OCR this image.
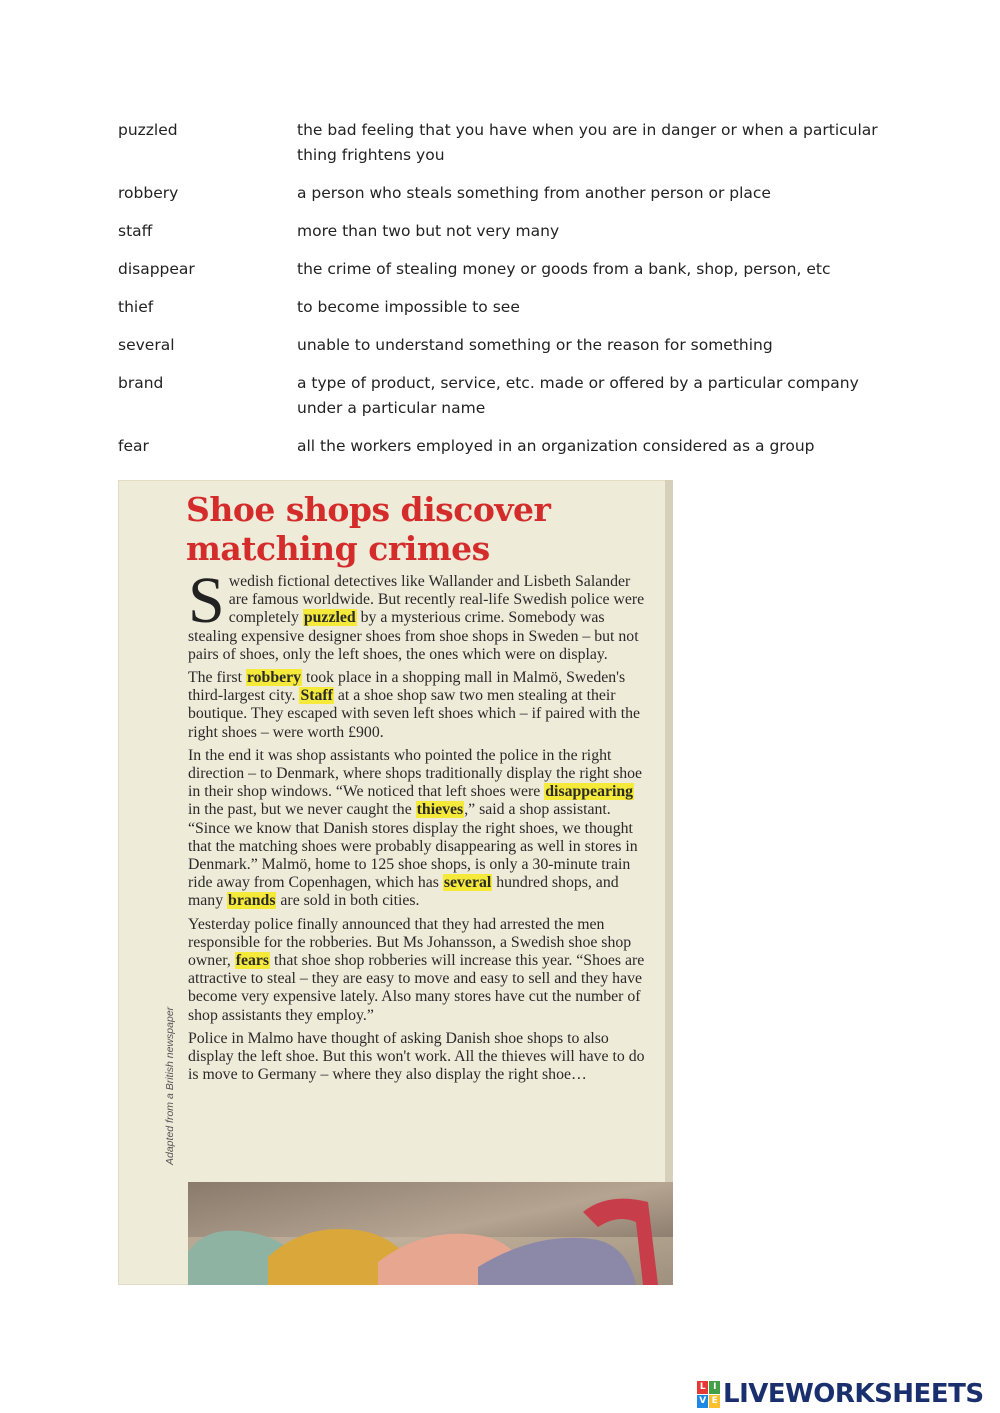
puzzled	the bad feeling that you have when you are in danger or when a particular thing frightens you
robbery	a person who steals something from another person or place
staff	more than two but not very many
disappear	the crime of stealing money or goods from a bank, shop, person, etc
thief	to become impossible to see
several	unable to understand something or the reason for something
brand	a type of product, service, etc. made or offered by a particular company under a particular name
fear	all the workers employed in an organization considered as a group
Shoe shops discover
matching crimes

Swedish fictional detectives like Wallander and Lisbeth Salander are famous worldwide. But recently real-life Swedish police were completely puzzled by a mysterious crime. Somebody was stealing expensive designer shoes from shoe shops in Sweden – but not pairs of shoes, only the left shoes, the ones which were on display.

The first robbery took place in a shopping mall in Malmö, Sweden's third-largest city. Staff at a shoe shop saw two men stealing at their boutique. They escaped with seven left shoes which – if paired with the right shoes – were worth £900.

In the end it was shop assistants who pointed the police in the right direction – to Denmark, where shops traditionally display the right shoe in their shop windows. “We noticed that left shoes were disappearing in the past, but we never caught the thieves,” said a shop assistant. “Since we know that Danish stores display the right shoes, we thought that the matching shoes were probably disappearing as well in stores in Denmark.” Malmö, home to 125 shoe shops, is only a 30-minute train ride away from Copenhagen, which has several hundred shops, and many brands are sold in both cities.

Yesterday police finally announced that they had arrested the men responsible for the robberies. But Ms Johansson, a Swedish shoe shop owner, fears that shoe shop robberies will increase this year. “Shoes are attractive to steal – they are easy to move and easy to sell and they have become very expensive lately. Also many stores have cut the number of shop assistants they employ.”

Police in Malmo have thought of asking Danish shoe shops to also display the left shoe. But this won't work. All the thieves will have to do is move to Germany – where they also display the right shoe…

Adapted from a British newspaper
L I
V E LIVEWORKSHEETS
